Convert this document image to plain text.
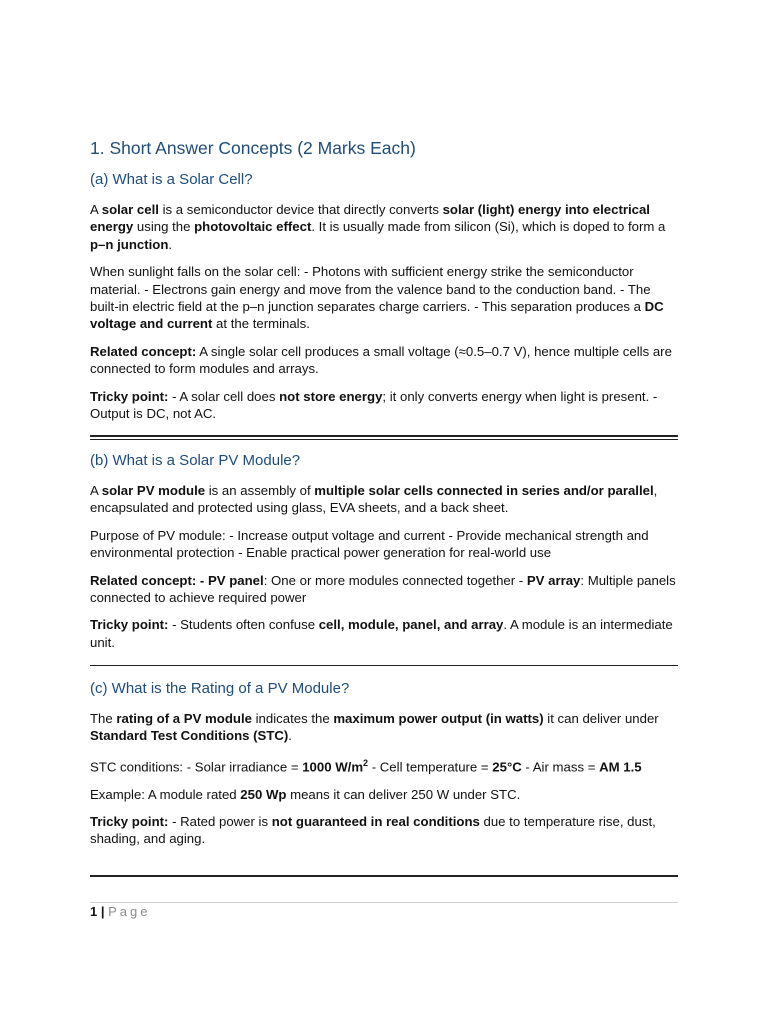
1. Short Answer Concepts (2 Marks Each)
(a) What is a Solar Cell?

A solar cell is a semiconductor device that directly converts solar (light) energy into electrical energy using the photovoltaic effect. It is usually made from silicon (Si), which is doped to form a p–n junction.

When sunlight falls on the solar cell: - Photons with sufficient energy strike the semiconductor material. - Electrons gain energy and move from the valence band to the conduction band. - The built-in electric field at the p–n junction separates charge carriers. - This separation produces a DC voltage and current at the terminals.

Related concept: A single solar cell produces a small voltage (≈0.5–0.7 V), hence multiple cells are connected to form modules and arrays.

Tricky point: - A solar cell does not store energy; it only converts energy when light is present. - Output is DC, not AC.

(b) What is a Solar PV Module?

A solar PV module is an assembly of multiple solar cells connected in series and/or parallel, encapsulated and protected using glass, EVA sheets, and a back sheet.

Purpose of PV module: - Increase output voltage and current - Provide mechanical strength and environmental protection - Enable practical power generation for real-world use

Related concept: - PV panel: One or more modules connected together - PV array: Multiple panels connected to achieve required power

Tricky point: - Students often confuse cell, module, panel, and array. A module is an intermediate unit.

(c) What is the Rating of a PV Module?

The rating of a PV module indicates the maximum power output (in watts) it can deliver under Standard Test Conditions (STC).

STC conditions: - Solar irradiance = 1000 $W/m^2$ - Cell temperature = 25°C - Air mass = AM 1.5

Example: A module rated 250 Wp means it can deliver 250 W under STC.

Tricky point: - Rated power is not guaranteed in real conditions due to temperature rise, dust, shading, and aging.

1 | Page
